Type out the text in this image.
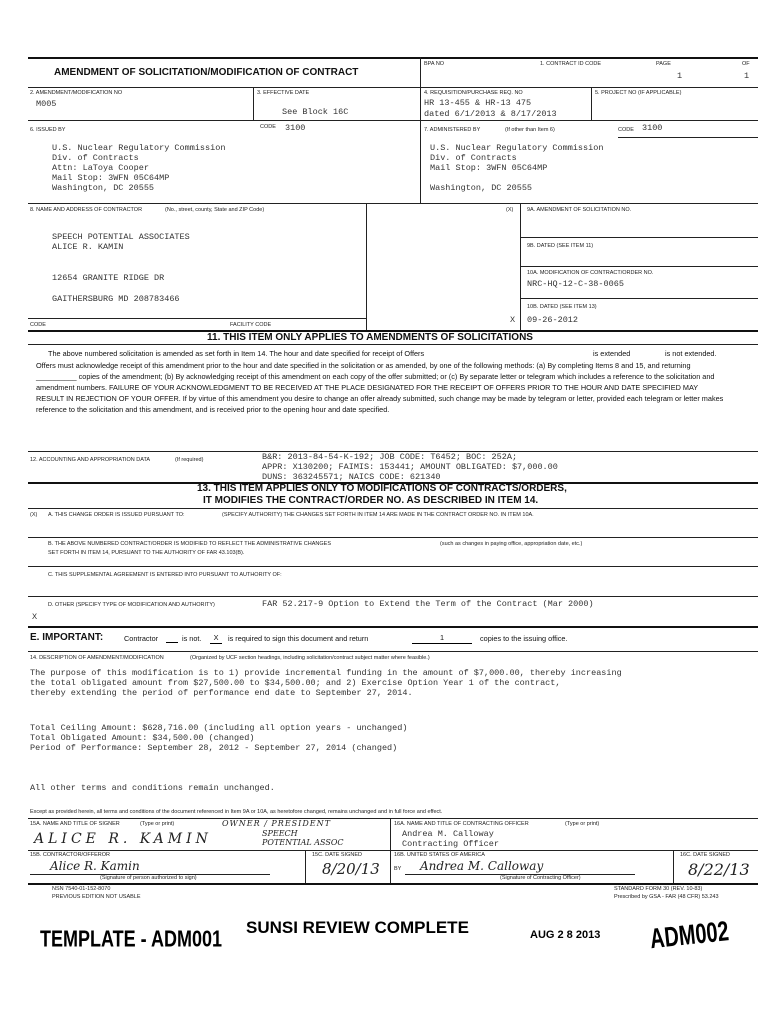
AMENDMENT OF SOLICITATION/MODIFICATION OF CONTRACT
BPA NO	1. CONTRACT ID CODE	PAGE	OF
1	1
2. AMENDMENT/MODIFICATION NO
M005
3. EFFECTIVE DATE
See Block 16C
4. REQUISITION/PURCHASE REQ. NO
HR 13-455 & HR-13 475
dated 6/1/2013 & 8/17/2013
5. PROJECT NO (IF APPLICABLE)
6. ISSUED BY	CODE 3100
U.S. Nuclear Regulatory Commission
Div. of Contracts
Attn: LaToya Cooper
Mail Stop: 3WFN 05C64MP
Washington, DC 20555
7. ADMINISTERED BY	(If other than Item 6)	CODE 3100
U.S. Nuclear Regulatory Commission
Div. of Contracts
Mail Stop: 3WFN 05C64MP

Washington, DC 20555
8. NAME AND ADDRESS OF CONTRACTOR	(No., street, county, State and ZIP Code)
SPEECH POTENTIAL ASSOCIATES
ALICE R. KAMIN
12654 GRANITE RIDGE DR
GAITHERSBURG MD 208783466
CODE	FACILITY CODE
(X) 9A. AMENDMENT OF SOLICITATION NO.
9B. DATED (SEE ITEM 11)
10A. MODIFICATION OF CONTRACT/ORDER NO.
NRC-HQ-12-C-38-0065
10B. DATED (SEE ITEM 13)
X 09-26-2012
11. THIS ITEM ONLY APPLIES TO AMENDMENTS OF SOLICITATIONS
The above numbered solicitation is amended as set forth in Item 14. The hour and date specified for receipt of Offers	is extended	is not extended.
Offers must acknowledge receipt of this amendment prior to the hour and date specified in the solicitation or as amended, by one of the following methods: (a) By completing Items 8 and 15, and returning __________ copies of the amendment; (b) By acknowledging receipt of this amendment on each copy of the offer submitted; or (c) By separate letter or telegram which includes a reference to the solicitation and amendment numbers. FAILURE OF YOUR ACKNOWLEDGMENT TO BE RECEIVED AT THE PLACE DESIGNATED FOR THE RECEIPT OF OFFERS PRIOR TO THE HOUR AND DATE SPECIFIED MAY RESULT IN REJECTION OF YOUR OFFER. If by virtue of this amendment you desire to change an offer already submitted, such change may be made by telegram or letter, provided each telegram or letter makes reference to the solicitation and this amendment, and is received prior to the opening hour and date specified.
12. ACCOUNTING AND APPROPRIATION DATA	(If required)	B&R: 2013-84-54-K-192; JOB CODE: T6452; BOC: 252A;
APPR: X130200; FAIMIS: 153441; AMOUNT OBLIGATED: $7,000.00
DUNS: 363245571; NAICS CODE: 621340
13. THIS ITEM APPLIES ONLY TO MODIFICATIONS OF CONTRACTS/ORDERS,
IT MODIFIES THE CONTRACT/ORDER NO. AS DESCRIBED IN ITEM 14.
(X) A. THIS CHANGE ORDER IS ISSUED PURSUANT TO:	(SPECIFY AUTHORITY) THE CHANGES SET FORTH IN ITEM 14 ARE MADE IN THE CONTRACT ORDER NO. IN ITEM 10A.
B. THE ABOVE NUMBERED CONTRACT/ORDER IS MODIFIED TO REFLECT THE ADMINISTRATIVE CHANGES	(such as changes in paying office, appropriation date, etc.)
SET FORTH IN ITEM 14, PURSUANT TO THE AUTHORITY OF FAR 43.103(B).
C. THIS SUPPLEMENTAL AGREEMENT IS ENTERED INTO PURSUANT TO AUTHORITY OF:
D. OTHER (SPECIFY TYPE OF MODIFICATION AND AUTHORITY)	FAR 52.217-9 Option to Extend the Term of the Contract (Mar 2000)
X
E. IMPORTANT:	Contractor	is not.	X	is required to sign this document and return	1	copies to the issuing office.
14. DESCRIPTION OF AMENDMENT/MODIFICATION	(Organized by UCF section headings, including solicitation/contract subject matter where feasible.)
The purpose of this modification is to 1) provide incremental funding in the amount of $7,000.00, thereby increasing
the total obligated amount from $27,500.00 to $34,500.00; and 2) Exercise Option Year 1 of the contract,
thereby extending the period of performance end date to September 27, 2014.
Total Ceiling Amount: $628,716.00 (including all option years - unchanged)
Total Obligated Amount: $34,500.00 (changed)
Period of Performance: September 28, 2012 - September 27, 2014 (changed)
All other terms and conditions remain unchanged.
Except as provided herein, all terms and conditions of the document referenced in Item 9A or 10A, as heretofore changed, remains unchanged and in full force and effect.
15A. NAME AND TITLE OF SIGNER	(Type or print)
ALICE R. KAMIN
OWNER / PRESIDENT
SPEECH
POTENTIAL ASSOC
16A. NAME AND TITLE OF CONTRACTING OFFICER	(Type or print)
Andrea M. Calloway
Contracting Officer
15B. CONTRACTOR/OFFEROR
Alice R. Kamin
(Signature of person authorized to sign)
15C. DATE SIGNED
8/20/13
16B. UNITED STATES OF AMERICA
BY Andrea M. Calloway
(Signature of Contracting Officer)
16C. DATE SIGNED
8/22/13
NSN 7540-01-152-8070
PREVIOUS EDITION NOT USABLE
STANDARD FORM 30 (REV. 10-83)
Prescribed by GSA - FAR (48 CFR) 53.243
TEMPLATE - ADM001 SUNSI REVIEW COMPLETE	AUG 2 8 2013 ADM002
